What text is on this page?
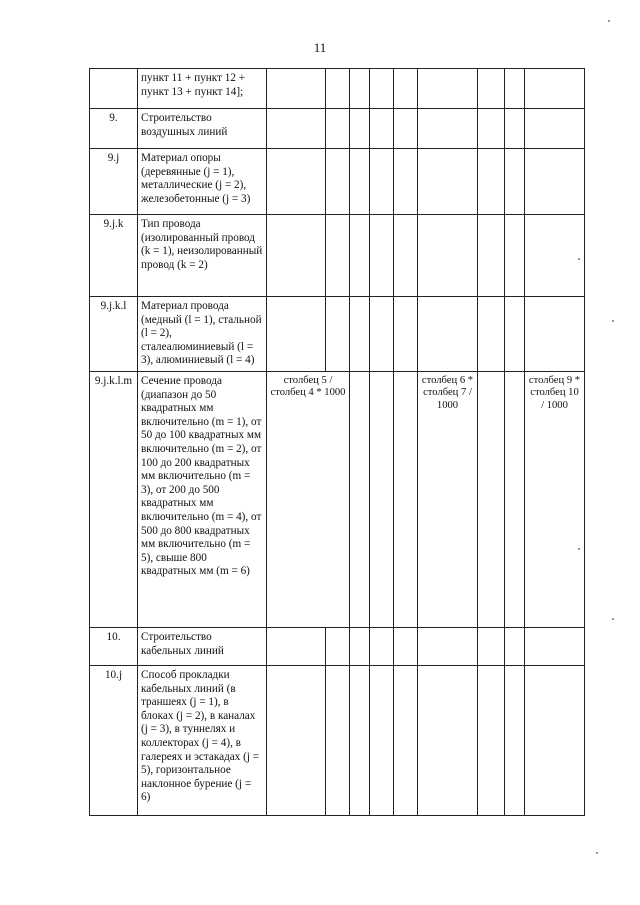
11
	пункт 11 + пункт 12 + пункт 13 + пункт 14];									
9.	Строительство воздушных линий									
9.j	Материал опоры (деревянные (j = 1), металлические (j = 2), железобетонные (j = 3)									
9.j.k	Тип провода (изолированный провод (k = 1), неизолированный провод (k = 2)									
9.j.k.l	Материал провода (медный (l = 1), стальной (l = 2), сталеалюминиевый (l = 3), алюминиевый (l = 4)									
9.j.k.l.m	Сечение провода (диапазон до 50 квадратных мм включительно (m = 1), от 50 до 100 квадратных мм включительно (m = 2), от 100 до 200 квадратных мм включительно (m = 3), от 200 до 500 квадратных мм включительно (m = 4), от 500 до 800 квадратных мм включительно (m = 5), свыше 800 квадратных мм (m = 6)	столбец 5 / столбец 4 * 1000					столбец 6 * столбец 7 / 1000			столбец 9 * столбец 10 / 1000
10.	Строительство кабельных линий									
10.j	Способ прокладки кабельных линий (в траншеях (j = 1), в блоках (j = 2), в каналах (j = 3), в туннелях и коллекторах (j = 4), в галереях и эстакадах (j = 5), горизонтальное наклонное бурение (j = 6)									
